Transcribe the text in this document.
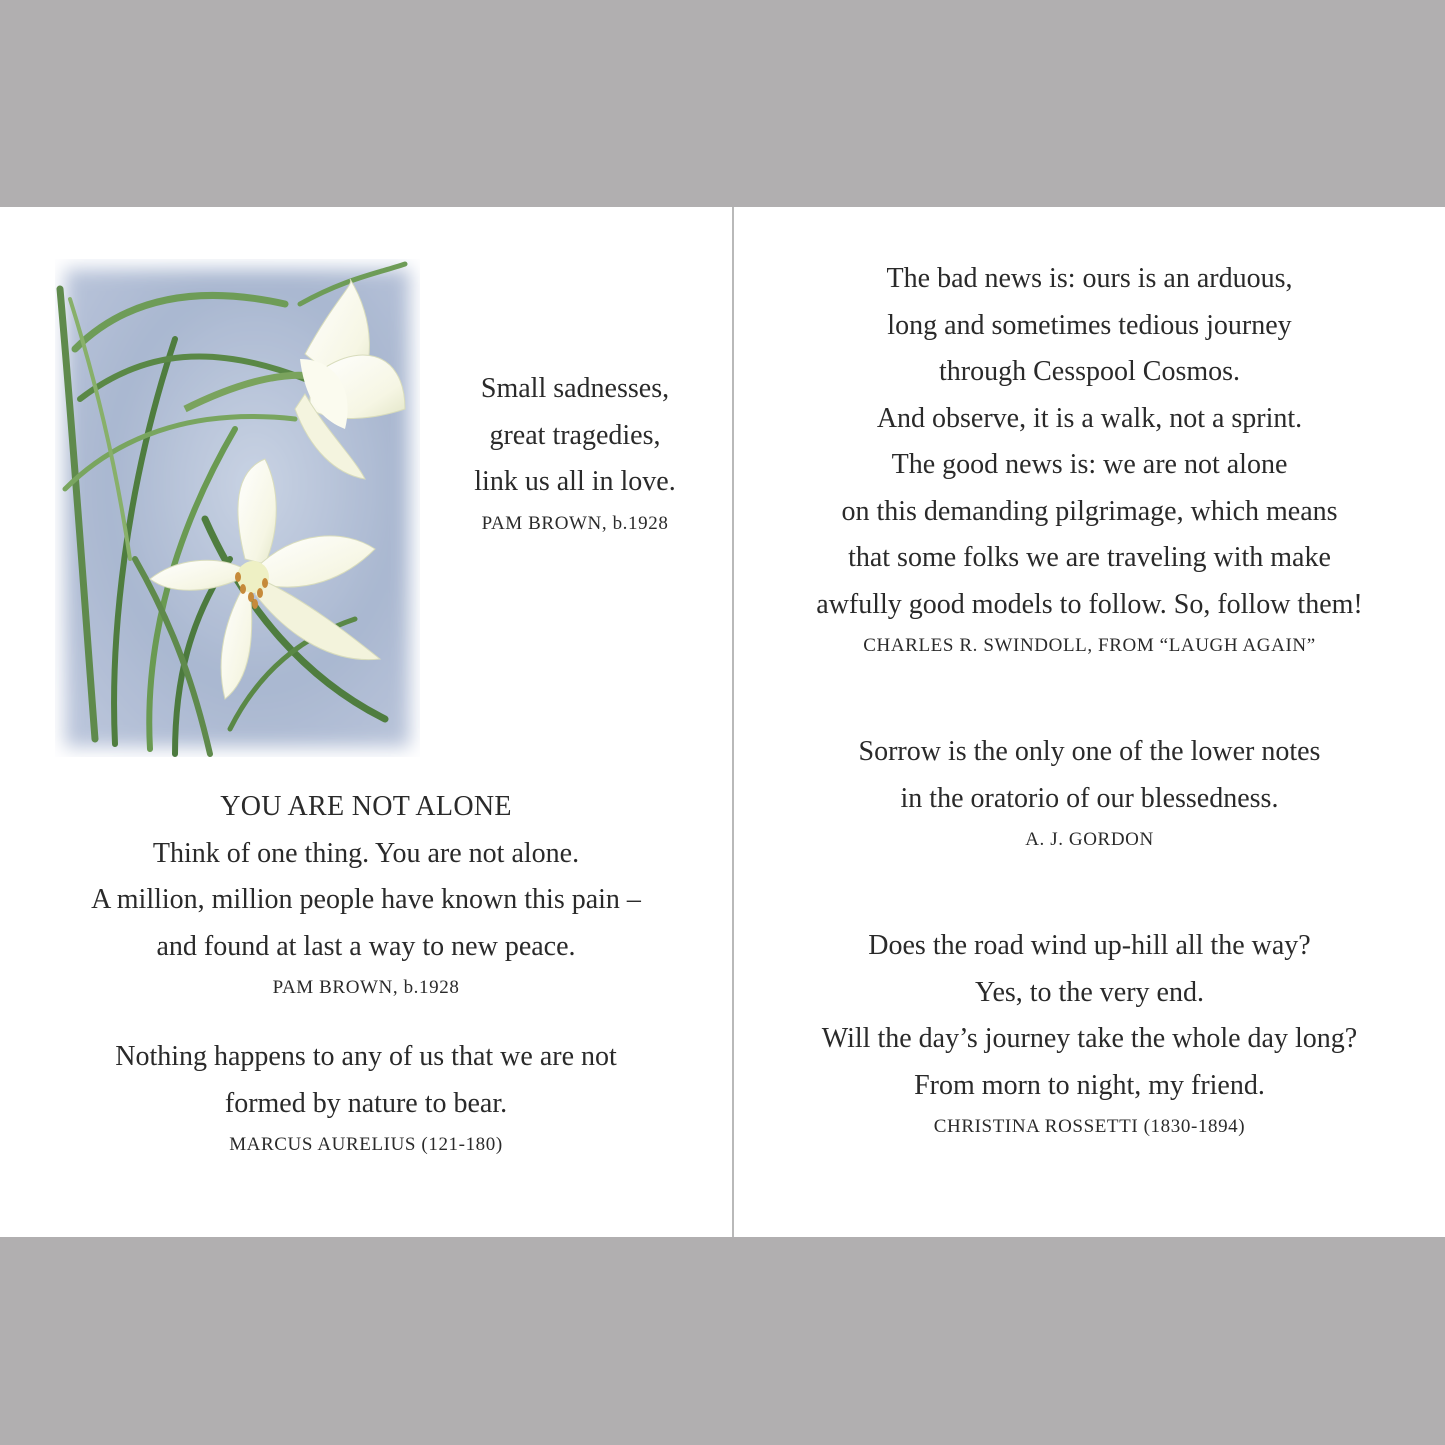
Small sadnesses,
great tragedies,
link us all in love.
PAM BROWN, b.1928
YOU ARE NOT ALONE
Think of one thing. You are not alone.
A million, million people have known this pain –
and found at last a way to new peace.
PAM BROWN, b.1928
Nothing happens to any of us that we are not
formed by nature to bear.
MARCUS AURELIUS (121-180)
The bad news is: ours is an arduous,
long and sometimes tedious journey
through Cesspool Cosmos.
And observe, it is a walk, not a sprint.
The good news is: we are not alone
on this demanding pilgrimage, which means
that some folks we are traveling with make
awfully good models to follow. So, follow them!
CHARLES R. SWINDOLL, FROM “LAUGH AGAIN”
Sorrow is the only one of the lower notes
in the oratorio of our blessedness.
A. J. GORDON
Does the road wind up-hill all the way?
Yes, to the very end.
Will the day’s journey take the whole day long?
From morn to night, my friend.
CHRISTINA ROSSETTI (1830-1894)
